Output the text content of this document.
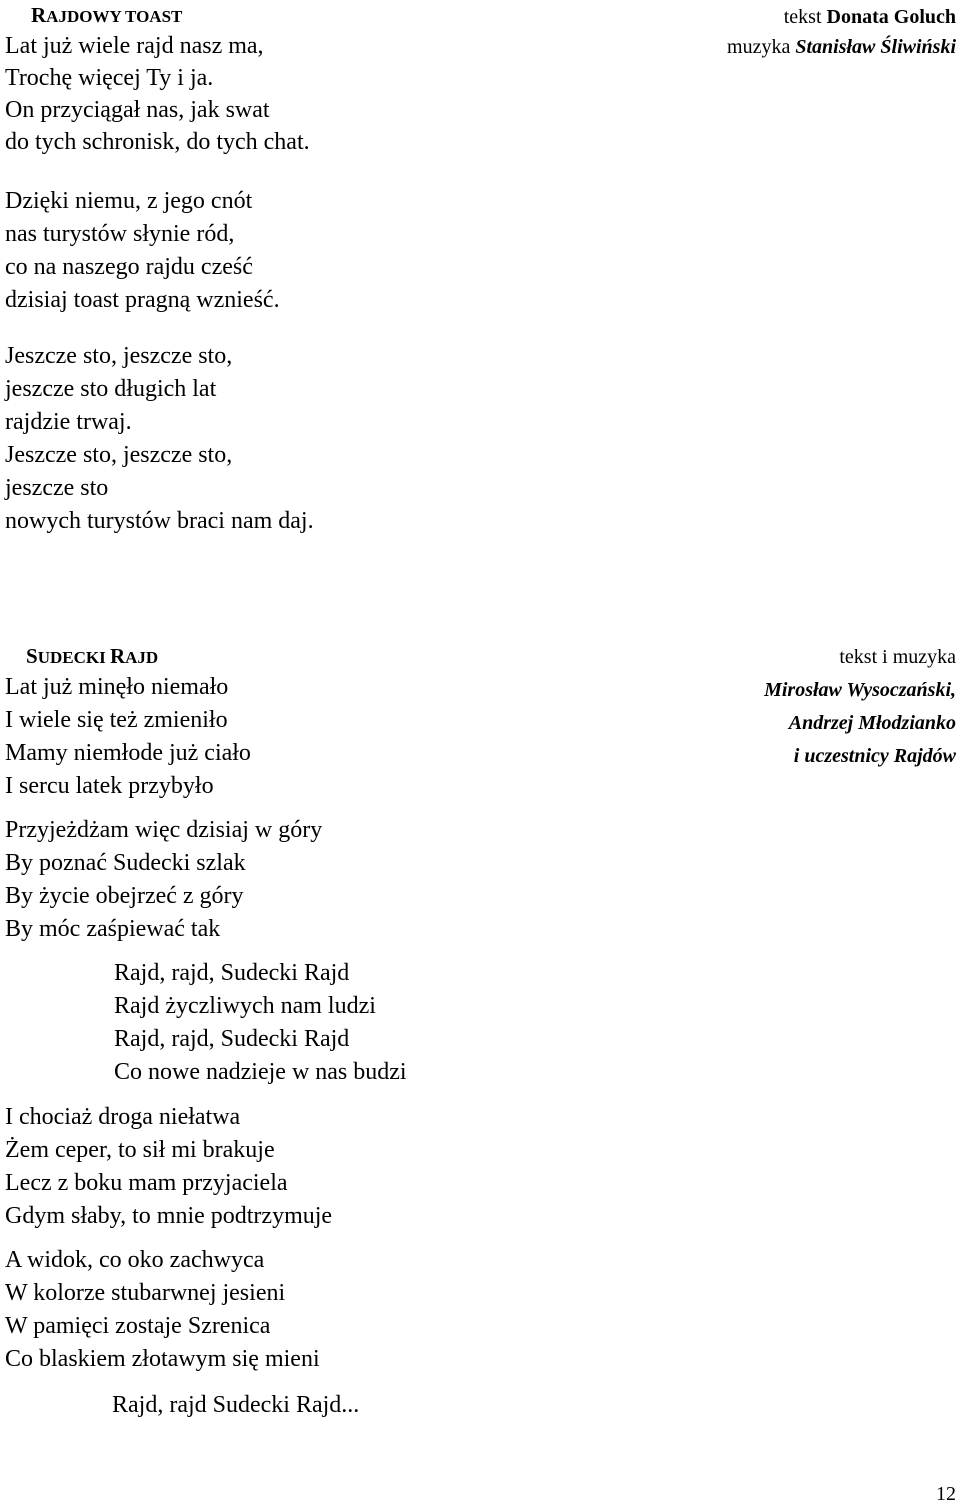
RAJDOWY TOAST	tekst Donata Goluch
muzyka Stanisław Śliwiński
Lat już wiele rajd nasz ma,
Trochę więcej Ty i ja.
On przyciągał nas, jak swat
do tych schronisk, do tych chat.
Dzięki niemu, z jego cnót
nas turystów słynie ród,
co na naszego rajdu cześć
dzisiaj toast pragną wznieść.
Jeszcze sto, jeszcze sto,
jeszcze sto długich lat
rajdzie trwaj.
Jeszcze sto, jeszcze sto,
jeszcze sto
nowych turystów braci nam daj.
SUDECKI RAJD	tekst i muzyka
Mirosław Wysoczański,
Andrzej Młodzianko
i uczestnicy Rajdów
Lat już minęło niemało
I wiele się też zmieniło
Mamy niemłode już ciało
I sercu latek przybyło
Przyjeżdżam więc dzisiaj w góry
By poznać Sudecki szlak
By życie obejrzeć z góry
By móc zaśpiewać tak
Rajd, rajd, Sudecki Rajd
Rajd życzliwych nam ludzi
Rajd, rajd, Sudecki Rajd
Co nowe nadzieje w nas budzi
I chociaż droga niełatwa
Żem ceper, to sił mi brakuje
Lecz z boku mam przyjaciela
Gdym słaby, to mnie podtrzymuje
A widok, co oko zachwyca
W kolorze stubarwnej jesieni
W pamięci zostaje Szrenica
Co blaskiem złotawym się mieni
Rajd, rajd Sudecki Rajd...
12
